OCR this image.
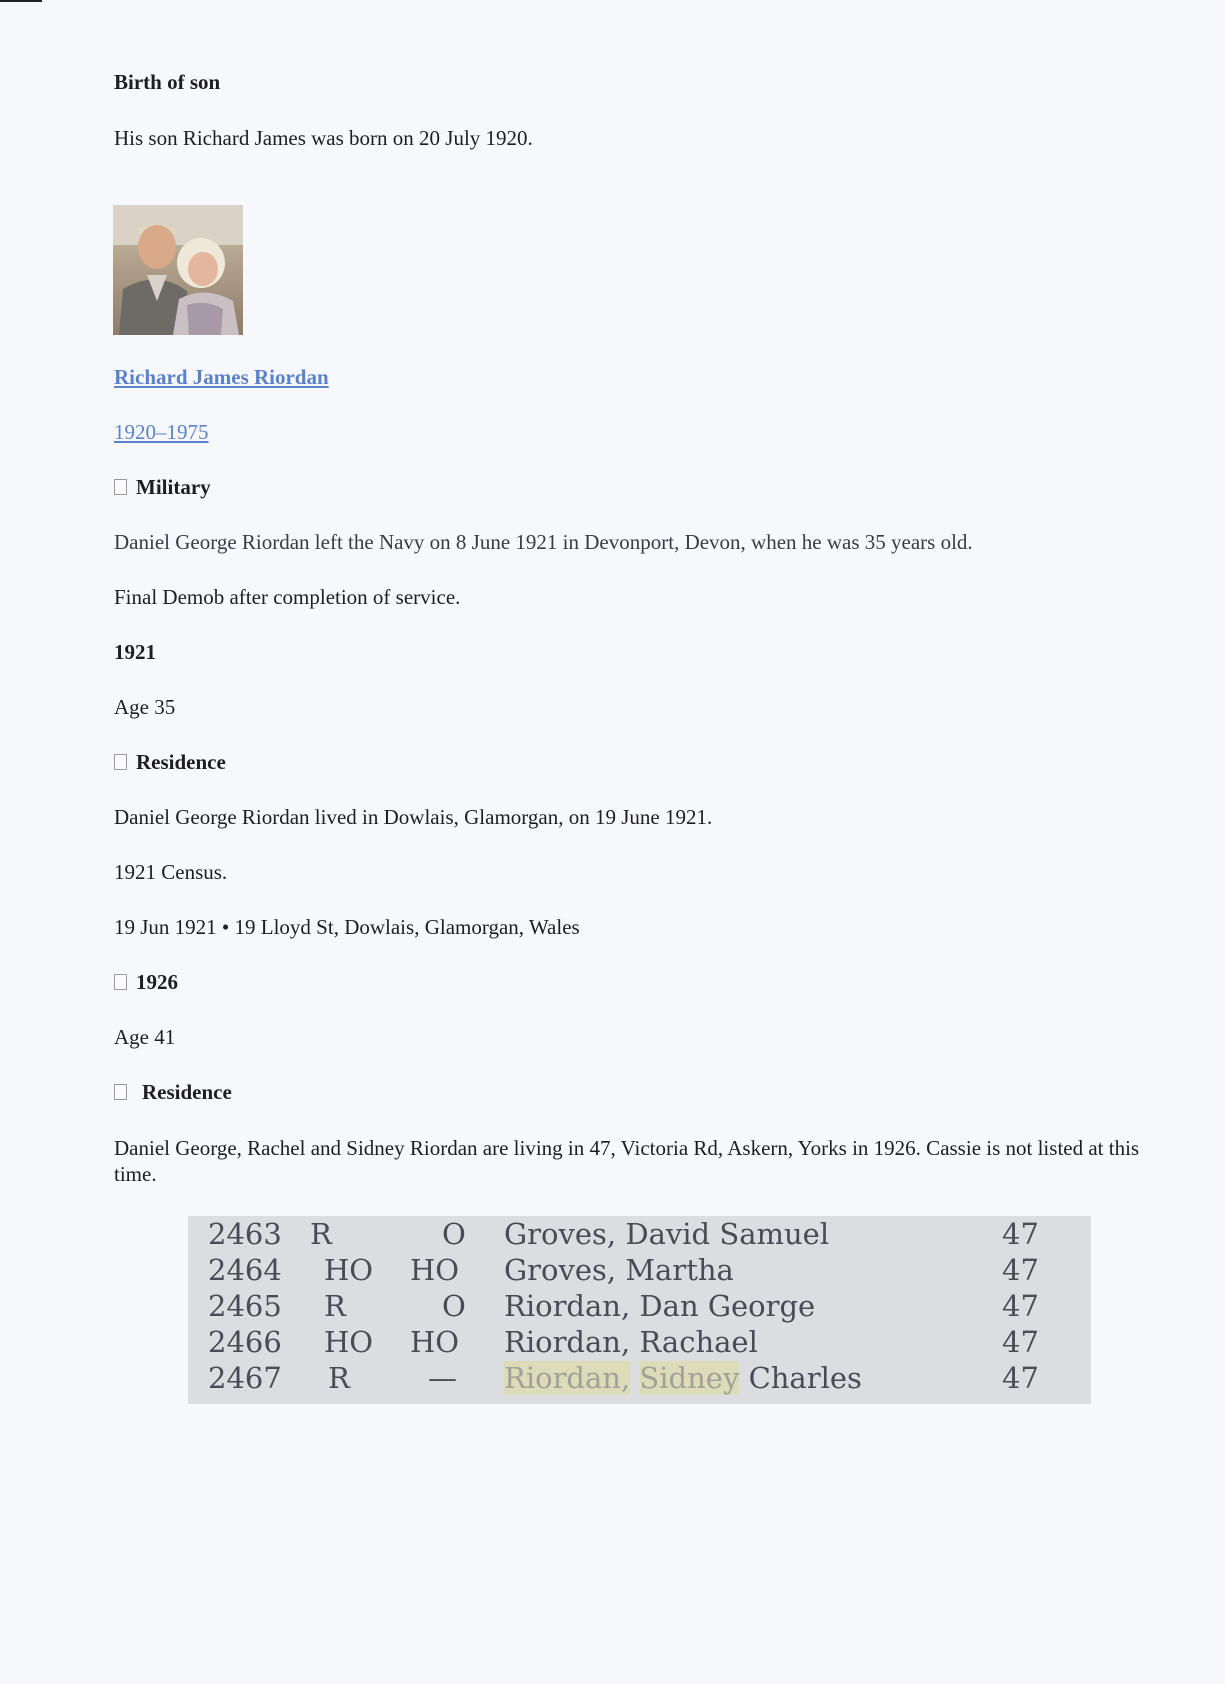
Birth of son
His son Richard James was born on 20 July 1920.
Richard James Riordan
1920–1975
Military
Daniel George Riordan left the Navy on 8 June 1921 in Devonport, Devon, when he was 35 years old.
Final Demob after completion of service.
1921
Age 35
Residence
Daniel George Riordan lived in Dowlais, Glamorgan, on 19 June 1921.
1921 Census.
19 Jun 1921 • 19 Lloyd St, Dowlais, Glamorgan, Wales
1926
Age 41
Residence
Daniel George, Rachel and Sidney Riordan are living in 47, Victoria Rd, Askern, Yorks in 1926. Cassie is not listed at this time.
2463 R	O Groves, David Samuel	47
2464 HO HO Groves, Martha	47
2465 R	O Riordan, Dan George	47
2466 HO HO Riordan, Rachael	47
2467 R	— Riordan, Sidney Charles	47
